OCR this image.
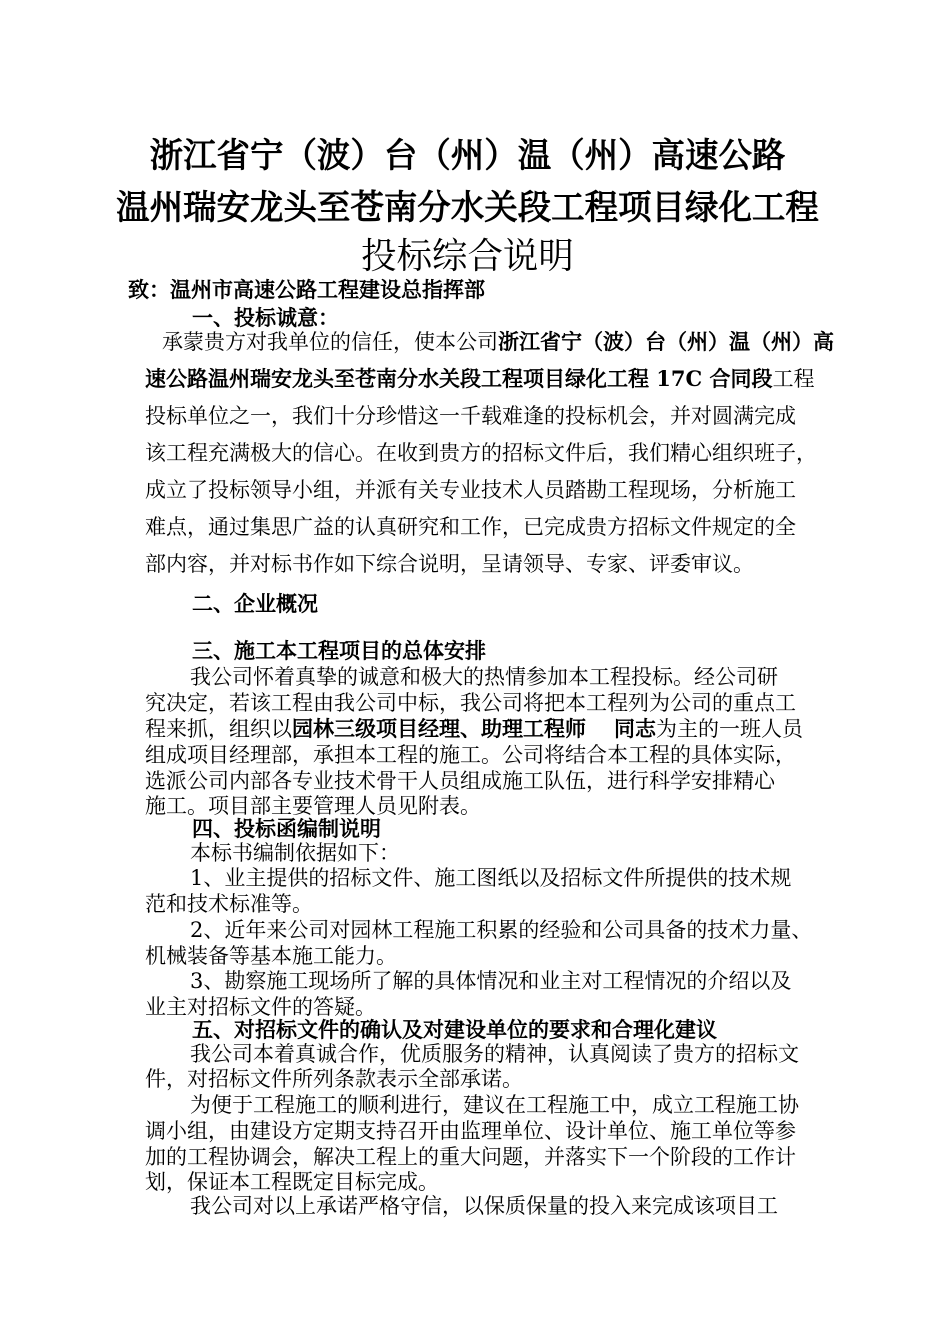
浙江省宁（波）台（州）温（州）高速公路
温州瑞安龙头至苍南分水关段工程项目绿化工程
投标综合说明
致：温州市高速公路工程建设总指挥部
一、投标诚意：
承蒙贵方对我单位的信任，使本公司浙江省宁（波）台（州）温（州）高
速公路温州瑞安龙头至苍南分水关段工程项目绿化工程 17C 合同段工程
投标单位之一，我们十分珍惜这一千载难逢的投标机会，并对圆满完成
该工程充满极大的信心。在收到贵方的招标文件后，我们精心组织班子，
成立了投标领导小组，并派有关专业技术人员踏勘工程现场，分析施工
难点，通过集思广益的认真研究和工作，已完成贵方招标文件规定的全
部内容，并对标书作如下综合说明，呈请领导、专家、评委审议。
二、企业概况
三、施工本工程项目的总体安排
我公司怀着真挚的诚意和极大的热情参加本工程投标。经公司研
究决定，若该工程由我公司中标，我公司将把本工程列为公司的重点工
程来抓，组织以园林三级项目经理、助理工程师 同志为主的一班人员
组成项目经理部，承担本工程的施工。公司将结合本工程的具体实际，
选派公司内部各专业技术骨干人员组成施工队伍，进行科学安排精心
施工。项目部主要管理人员见附表。
四、投标函编制说明
本标书编制依据如下：
1、业主提供的招标文件、施工图纸以及招标文件所提供的技术规
范和技术标准等。
2、近年来公司对园林工程施工积累的经验和公司具备的技术力量、
机械装备等基本施工能力。
3、勘察施工现场所了解的具体情况和业主对工程情况的介绍以及
业主对招标文件的答疑。
五、对招标文件的确认及对建设单位的要求和合理化建议
我公司本着真诚合作，优质服务的精神，认真阅读了贵方的招标文
件，对招标文件所列条款表示全部承诺。
为便于工程施工的顺利进行，建议在工程施工中，成立工程施工协
调小组，由建设方定期支持召开由监理单位、设计单位、施工单位等参
加的工程协调会，解决工程上的重大问题，并落实下一个阶段的工作计
划，保证本工程既定目标完成。
我公司对以上承诺严格守信，以保质保量的投入来完成该项目工
